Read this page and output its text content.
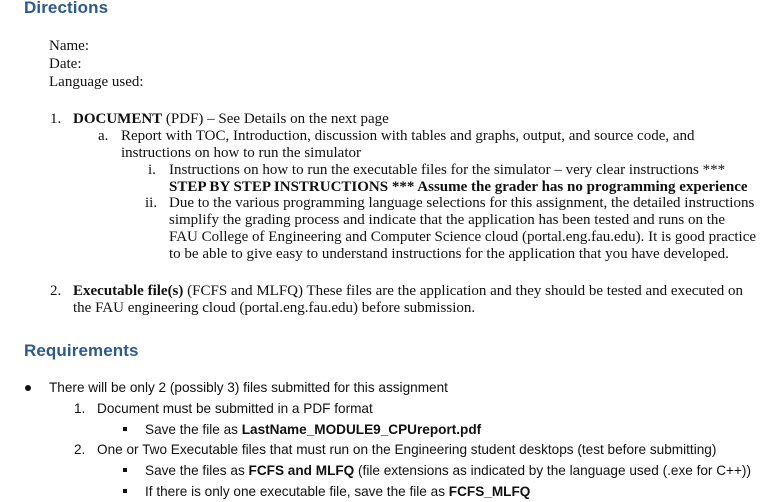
Directions
Name:
Date:
Language used:
1. DOCUMENT (PDF) – See Details on the next page
a. Report with TOC, Introduction, discussion with tables and graphs, output, and source code, and
instructions on how to run the simulator
i. Instructions on how to run the executable files for the simulator – very clear instructions ***
STEP BY STEP INSTRUCTIONS *** Assume the grader has no programming experience
ii. Due to the various programming language selections for this assignment, the detailed instructions
simplify the grading process and indicate that the application has been tested and runs on the
FAU College of Engineering and Computer Science cloud (portal.eng.fau.edu). It is good practice
to be able to give easy to understand instructions for the application that you have developed.
2. Executable file(s) (FCFS and MLFQ) These files are the application and they should be tested and executed on
the FAU engineering cloud (portal.eng.fau.edu) before submission.
Requirements
There will be only 2 (possibly 3) files submitted for this assignment
1. Document must be submitted in a PDF format
Save the file as LastName_MODULE9_CPUreport.pdf
2. One or Two Executable files that must run on the Engineering student desktops (test before submitting)
Save the files as FCFS and MLFQ (file extensions as indicated by the language used (.exe for C++))
If there is only one executable file, save the file as FCFS_MLFQ
